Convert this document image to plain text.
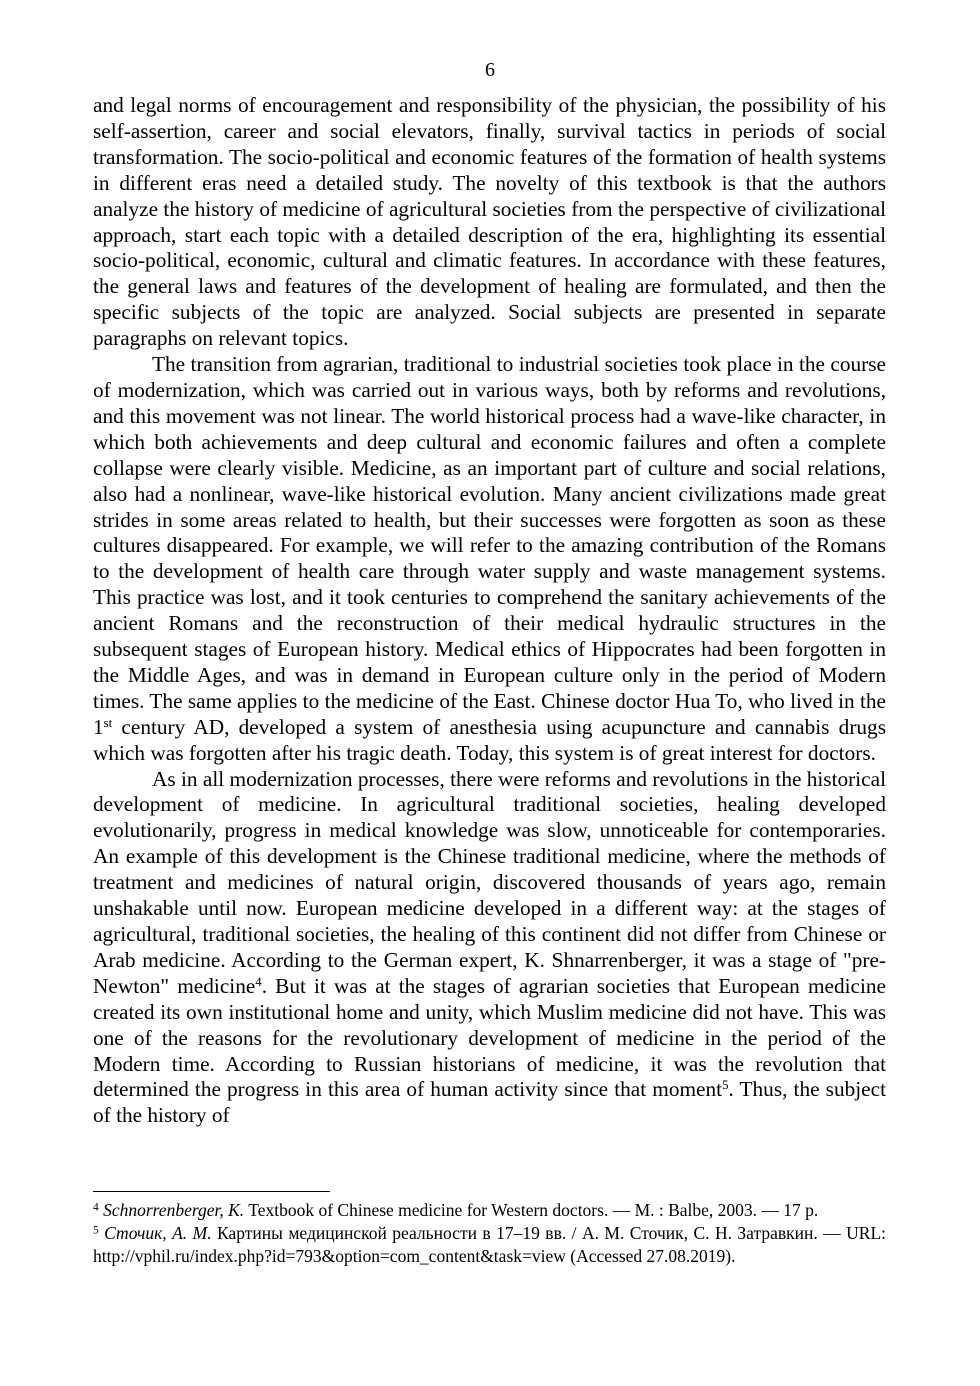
6

and legal norms of encouragement and responsibility of the physician, the possibility of his self-assertion, career and social elevators, finally, survival tactics in periods of social transformation. The socio-political and economic features of the formation of health systems in different eras need a detailed study. The novelty of this textbook is that the authors analyze the history of medicine of agricultural societies from the perspective of civilizational approach, start each topic with a detailed description of the era, highlighting its essential socio-political, economic, cultural and climatic features. In accordance with these features, the general laws and features of the development of healing are formulated, and then the specific subjects of the topic are analyzed. Social subjects are presented in separate paragraphs on relevant topics.

The transition from agrarian, traditional to industrial societies took place in the course of modernization, which was carried out in various ways, both by reforms and revolutions, and this movement was not linear. The world historical process had a wave-like character, in which both achievements and deep cultural and economic failures and often a complete collapse were clearly visible. Medicine, as an important part of culture and social relations, also had a nonlinear, wave-like historical evolution. Many ancient civilizations made great strides in some areas related to health, but their successes were forgotten as soon as these cultures disappeared. For example, we will refer to the amazing contribution of the Romans to the development of health care through water supply and waste management systems. This practice was lost, and it took centuries to comprehend the sanitary achievements of the ancient Romans and the reconstruction of their medical hydraulic structures in the subsequent stages of European history. Medical ethics of Hippocrates had been forgotten in the Middle Ages, and was in demand in European culture only in the period of Modern times. The same applies to the medicine of the East. Chinese doctor Hua To, who lived in the 1st century AD, developed a system of anesthesia using acupuncture and cannabis drugs which was forgotten after his tragic death. Today, this system is of great interest for doctors.

As in all modernization processes, there were reforms and revolutions in the historical development of medicine. In agricultural traditional societies, healing developed evolutionarily, progress in medical knowledge was slow, unnoticeable for contemporaries. An example of this development is the Chinese traditional medicine, where the methods of treatment and medicines of natural origin, discovered thousands of years ago, remain unshakable until now. European medicine developed in a different way: at the stages of agricultural, traditional societies, the healing of this continent did not differ from Chinese or Arab medicine. According to the German expert, K. Shnarrenberger, it was a stage of "pre-Newton" medicine$^4$. But it was at the stages of agrarian societies that European medicine created its own institutional home and unity, which Muslim medicine did not have. This was one of the reasons for the revolutionary development of medicine in the period of the Modern time. According to Russian historians of medicine, it was the revolution that determined the progress in this area of human activity since that moment$^5$. Thus, the subject of the history of

$^4$ Schnorrenberger, K. Textbook of Chinese medicine for Western doctors. — M. : Balbe, 2003. — 17 p.

$^5$ Сточик, А. М. Картины медицинской реальности в 17–19 вв. / А. М. Сточик, С. Н. Затравкин. — URL: http://vphil.ru/index.php?id=793&option=com_content&task=view (Accessed 27.08.2019).
